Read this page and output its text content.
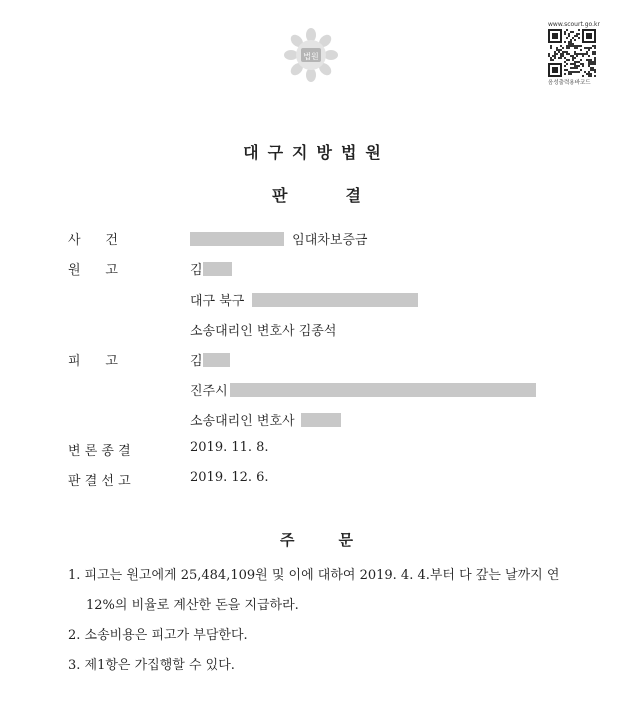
법원
www.scourt.go.kr
음성출력용바코드
대구지방법원
판	결
사      건	임대차보증금
원      고	김
대구 북구
소송대리인 변호사 김종석
피      고	김
진주시
소송대리인 변호사
변 론 종 결	2019. 11. 8.
판 결 선 고	2019. 12. 6.
주	문
1. 피고는 원고에게 25,484,109원 및 이에 대하여 2019. 4. 4.부터 다 갚는 날까지 연
12%의 비율로 계산한 돈을 지급하라.
2. 소송비용은 피고가 부담한다.
3. 제1항은 가집행할 수 있다.
